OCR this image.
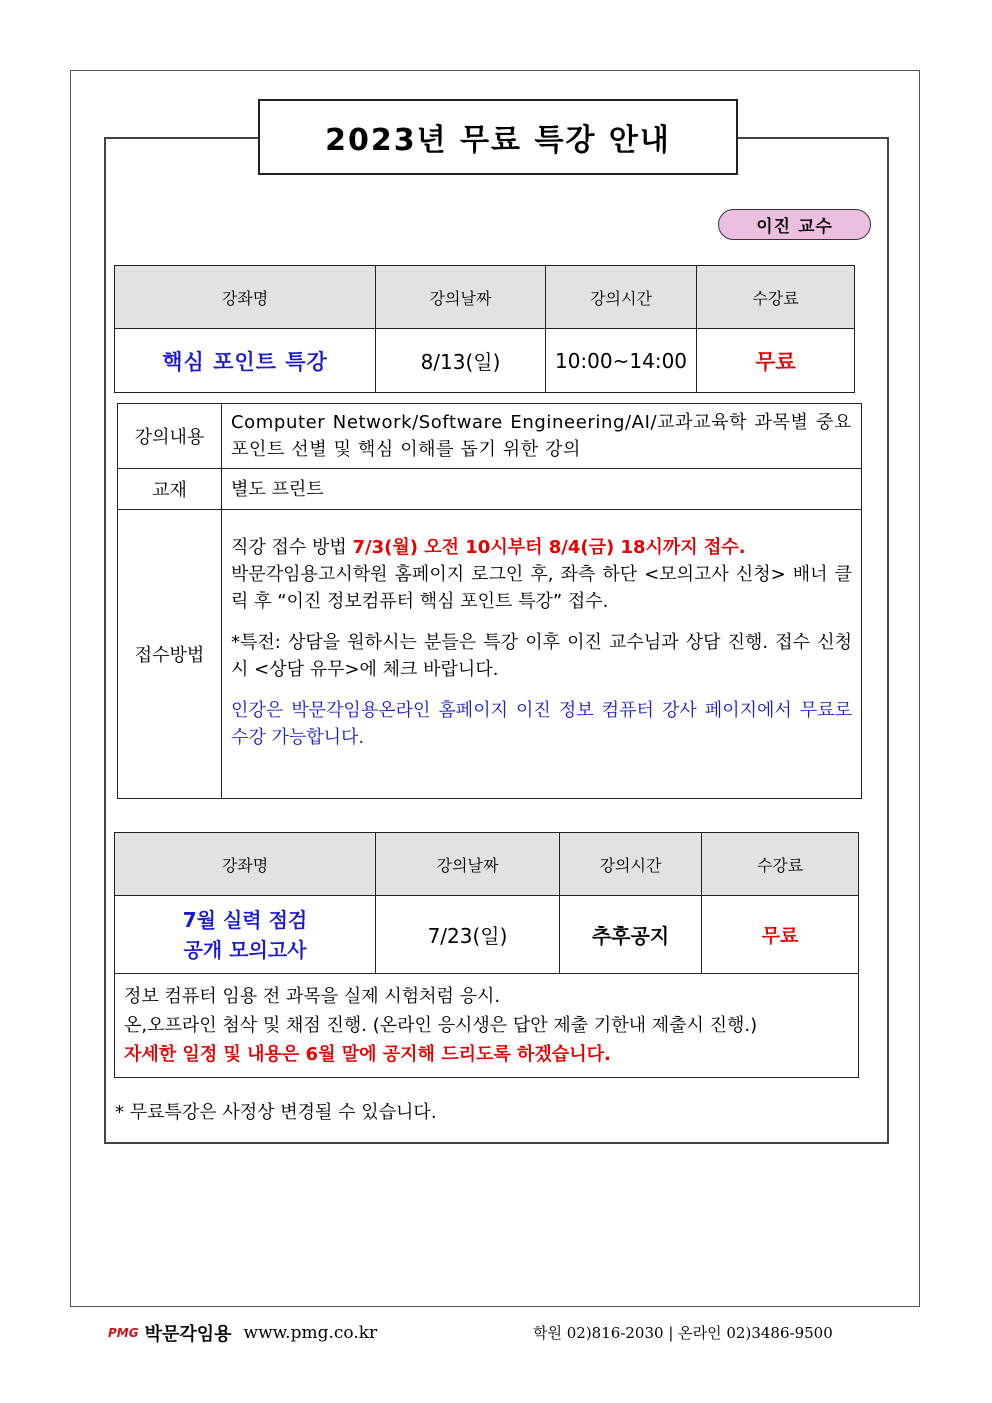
2023년 무료 특강 안내
이진 교수
강좌명	강의날짜	강의시간	수강료
핵심 포인트 특강	8/13(일)	10:00~14:00	무료
강의내용	Computer Network/Software Engineering/AI/교과교육학 과목별 중요 포인트 선별 및 핵심 이해를 돕기 위한 강의
교재	별도 프린트
접수방법	직강 접수 방법 7/3(월) 오전 10시부터 8/4(금) 18시까지 접수.
박문각임용고시학원 홈페이지 로그인 후, 좌측 하단 <모의고사 신청> 배너 클릭 후 “이진 정보컴퓨터 핵심 포인트 특강” 접수.
*특전: 상담을 원하시는 분들은 특강 이후 이진 교수님과 상담 진행. 접수 신청 시 <상담 유무>에 체크 바랍니다.
인강은 박문각임용온라인 홈페이지 이진 정보 컴퓨터 강사 페이지에서 무료로 수강 가능합니다.
강좌명	강의날짜	강의시간	수강료

7월 실력 점검
공개 모의고사	7/23(일)	추후공지	무료

정보 컴퓨터 임용 전 과목을 실제 시험처럼 응시.
온,오프라인 첨삭 및 채점 진행. (온라인 응시생은 답안 제출 기한내 제출시 진행.)
자세한 일정 및 내용은 6월 말에 공지해 드리도록 하겠습니다.			
* 무료특강은 사정상 변경될 수 있습니다.
PMG 박문각임용 www.pmg.co.kr	학원 02)816-2030 | 온라인 02)3486-9500
